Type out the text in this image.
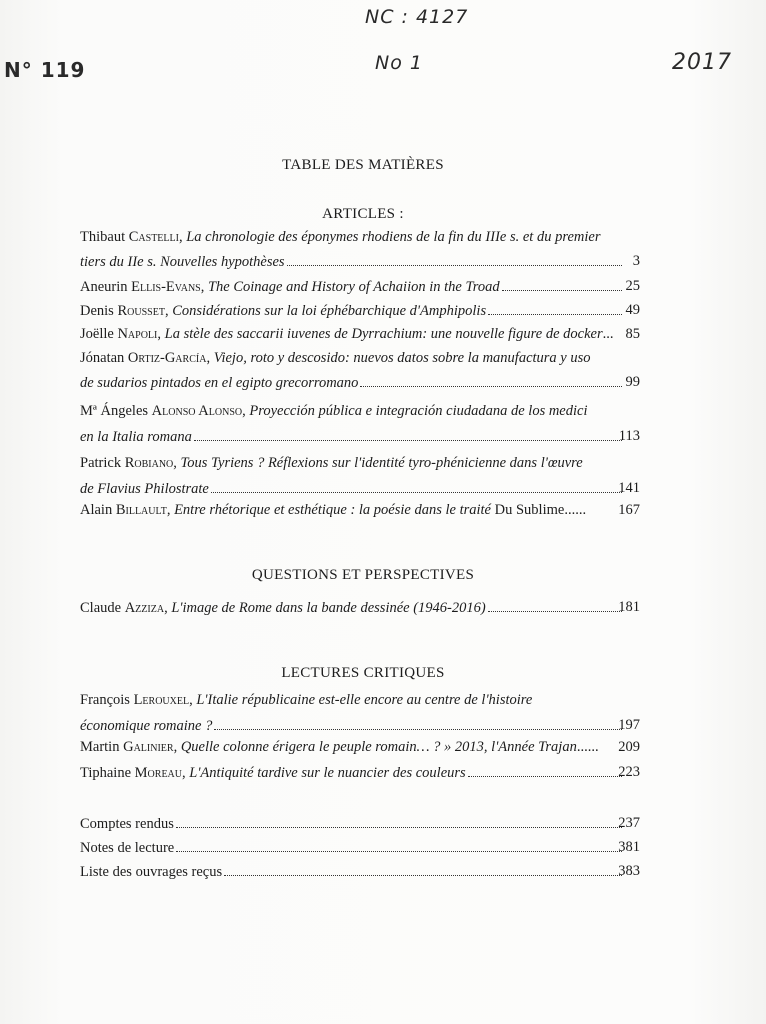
NC : 4127
No 1
N° 119	2017
TABLE DES MATIÈRES
ARTICLES :
Thibaut Castelli, La chronologie des éponymes rhodiens de la fin du IIIe s. et du premier
tiers du IIe s. Nouvelles hypothèses	3
Aneurin Ellis-Evans, The Coinage and History of Achaiion in the Troad	25
Denis Rousset, Considérations sur la loi éphébarchique d'Amphipolis	49
Joëlle Napoli, La stèle des saccarii iuvenes de Dyrrachium: une nouvelle figure de docker... 85
Jónatan Ortiz-García, Viejo, roto y descosido: nuevos datos sobre la manufactura y uso
de sudarios pintados en el egipto grecorromano	99
Mª Ángeles Alonso Alonso, Proyección pública e integración ciudadana de los medici
en la Italia romana	113
Patrick Robiano, Tous Tyriens ? Réflexions sur l'identité tyro-phénicienne dans l'œuvre
de Flavius Philostrate	141
Alain Billault, Entre rhétorique et esthétique : la poésie dans le traité Du Sublime......	167
QUESTIONS ET PERSPECTIVES
Claude Azziza, L'image de Rome dans la bande dessinée (1946-2016)	181
LECTURES CRITIQUES
François Lerouxel, L'Italie républicaine est-elle encore au centre de l'histoire
économique romaine ?	197
Martin Galinier, Quelle colonne érigera le peuple romain… ? » 2013, l'Année Trajan......	209
Tiphaine Moreau, L'Antiquité tardive sur le nuancier des couleurs	223
Comptes rendus	237
Notes de lecture	381
Liste des ouvrages reçus	383
